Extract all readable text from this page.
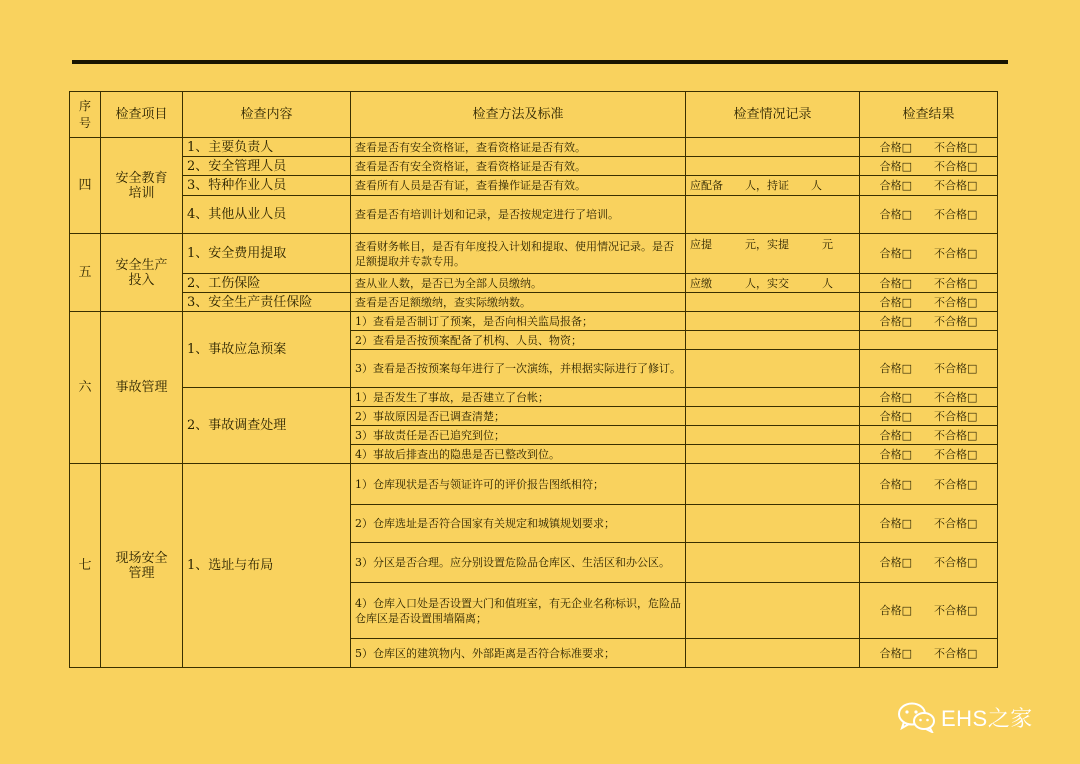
序号	检查项目	检查内容	检查方法及标准	检查情况记录	检查结果
四	安全教育培训	1、主要负责人	查看是否有安全资格证，查看资格证是否有效。		合格□ 不合格□
		2、安全管理人员	查看是否有安全资格证，查看资格证是否有效。		合格□ 不合格□
		3、特种作业人员	查看所有人员是否有证，查看操作证是否有效。	应配备　　人，持证　　人	合格□ 不合格□
		4、其他从业人员	查看是否有培训计划和记录，是否按规定进行了培训。		合格□ 不合格□
五	安全生产投入	1、安全费用提取	查看财务帐目，是否有年度投入计划和提取、使用情况记录。是否足额提取并专款专用。	应提　　　元，实提　　　元	合格□ 不合格□
		2、工伤保险	查从业人数，是否已为全部人员缴纳。	应缴　　　人，实交　　　人	合格□ 不合格□
		3、安全生产责任保险	查看是否足额缴纳，查实际缴纳数。		合格□ 不合格□
六	事故管理	1、事故应急预案	1）查看是否制订了预案，是否向相关监局报备；		合格□ 不合格□
			2）查看是否按预案配备了机构、人员、物资；		
			3）查看是否按预案每年进行了一次演练，并根据实际进行了修订。		合格□ 不合格□
		2、事故调查处理	1）是否发生了事故，是否建立了台帐；		合格□ 不合格□
			2）事故原因是否已调查清楚；		合格□ 不合格□
			3）事故责任是否已追究到位；		合格□ 不合格□
			4）事故后排查出的隐患是否已整改到位。		合格□ 不合格□
七	现场安全管理	1、选址与布局	1）仓库现状是否与领证许可的评价报告图纸相符；		合格□ 不合格□
			2）仓库选址是否符合国家有关规定和城镇规划要求；		合格□ 不合格□
			3）分区是否合理。应分别设置危险品仓库区、生活区和办公区。		合格□ 不合格□
			4）仓库入口处是否设置大门和值班室，有无企业名称标识，危险品仓库区是否设置围墙隔离；		合格□ 不合格□
			5）仓库区的建筑物内、外部距离是否符合标准要求；		合格□ 不合格□
EHS之家
